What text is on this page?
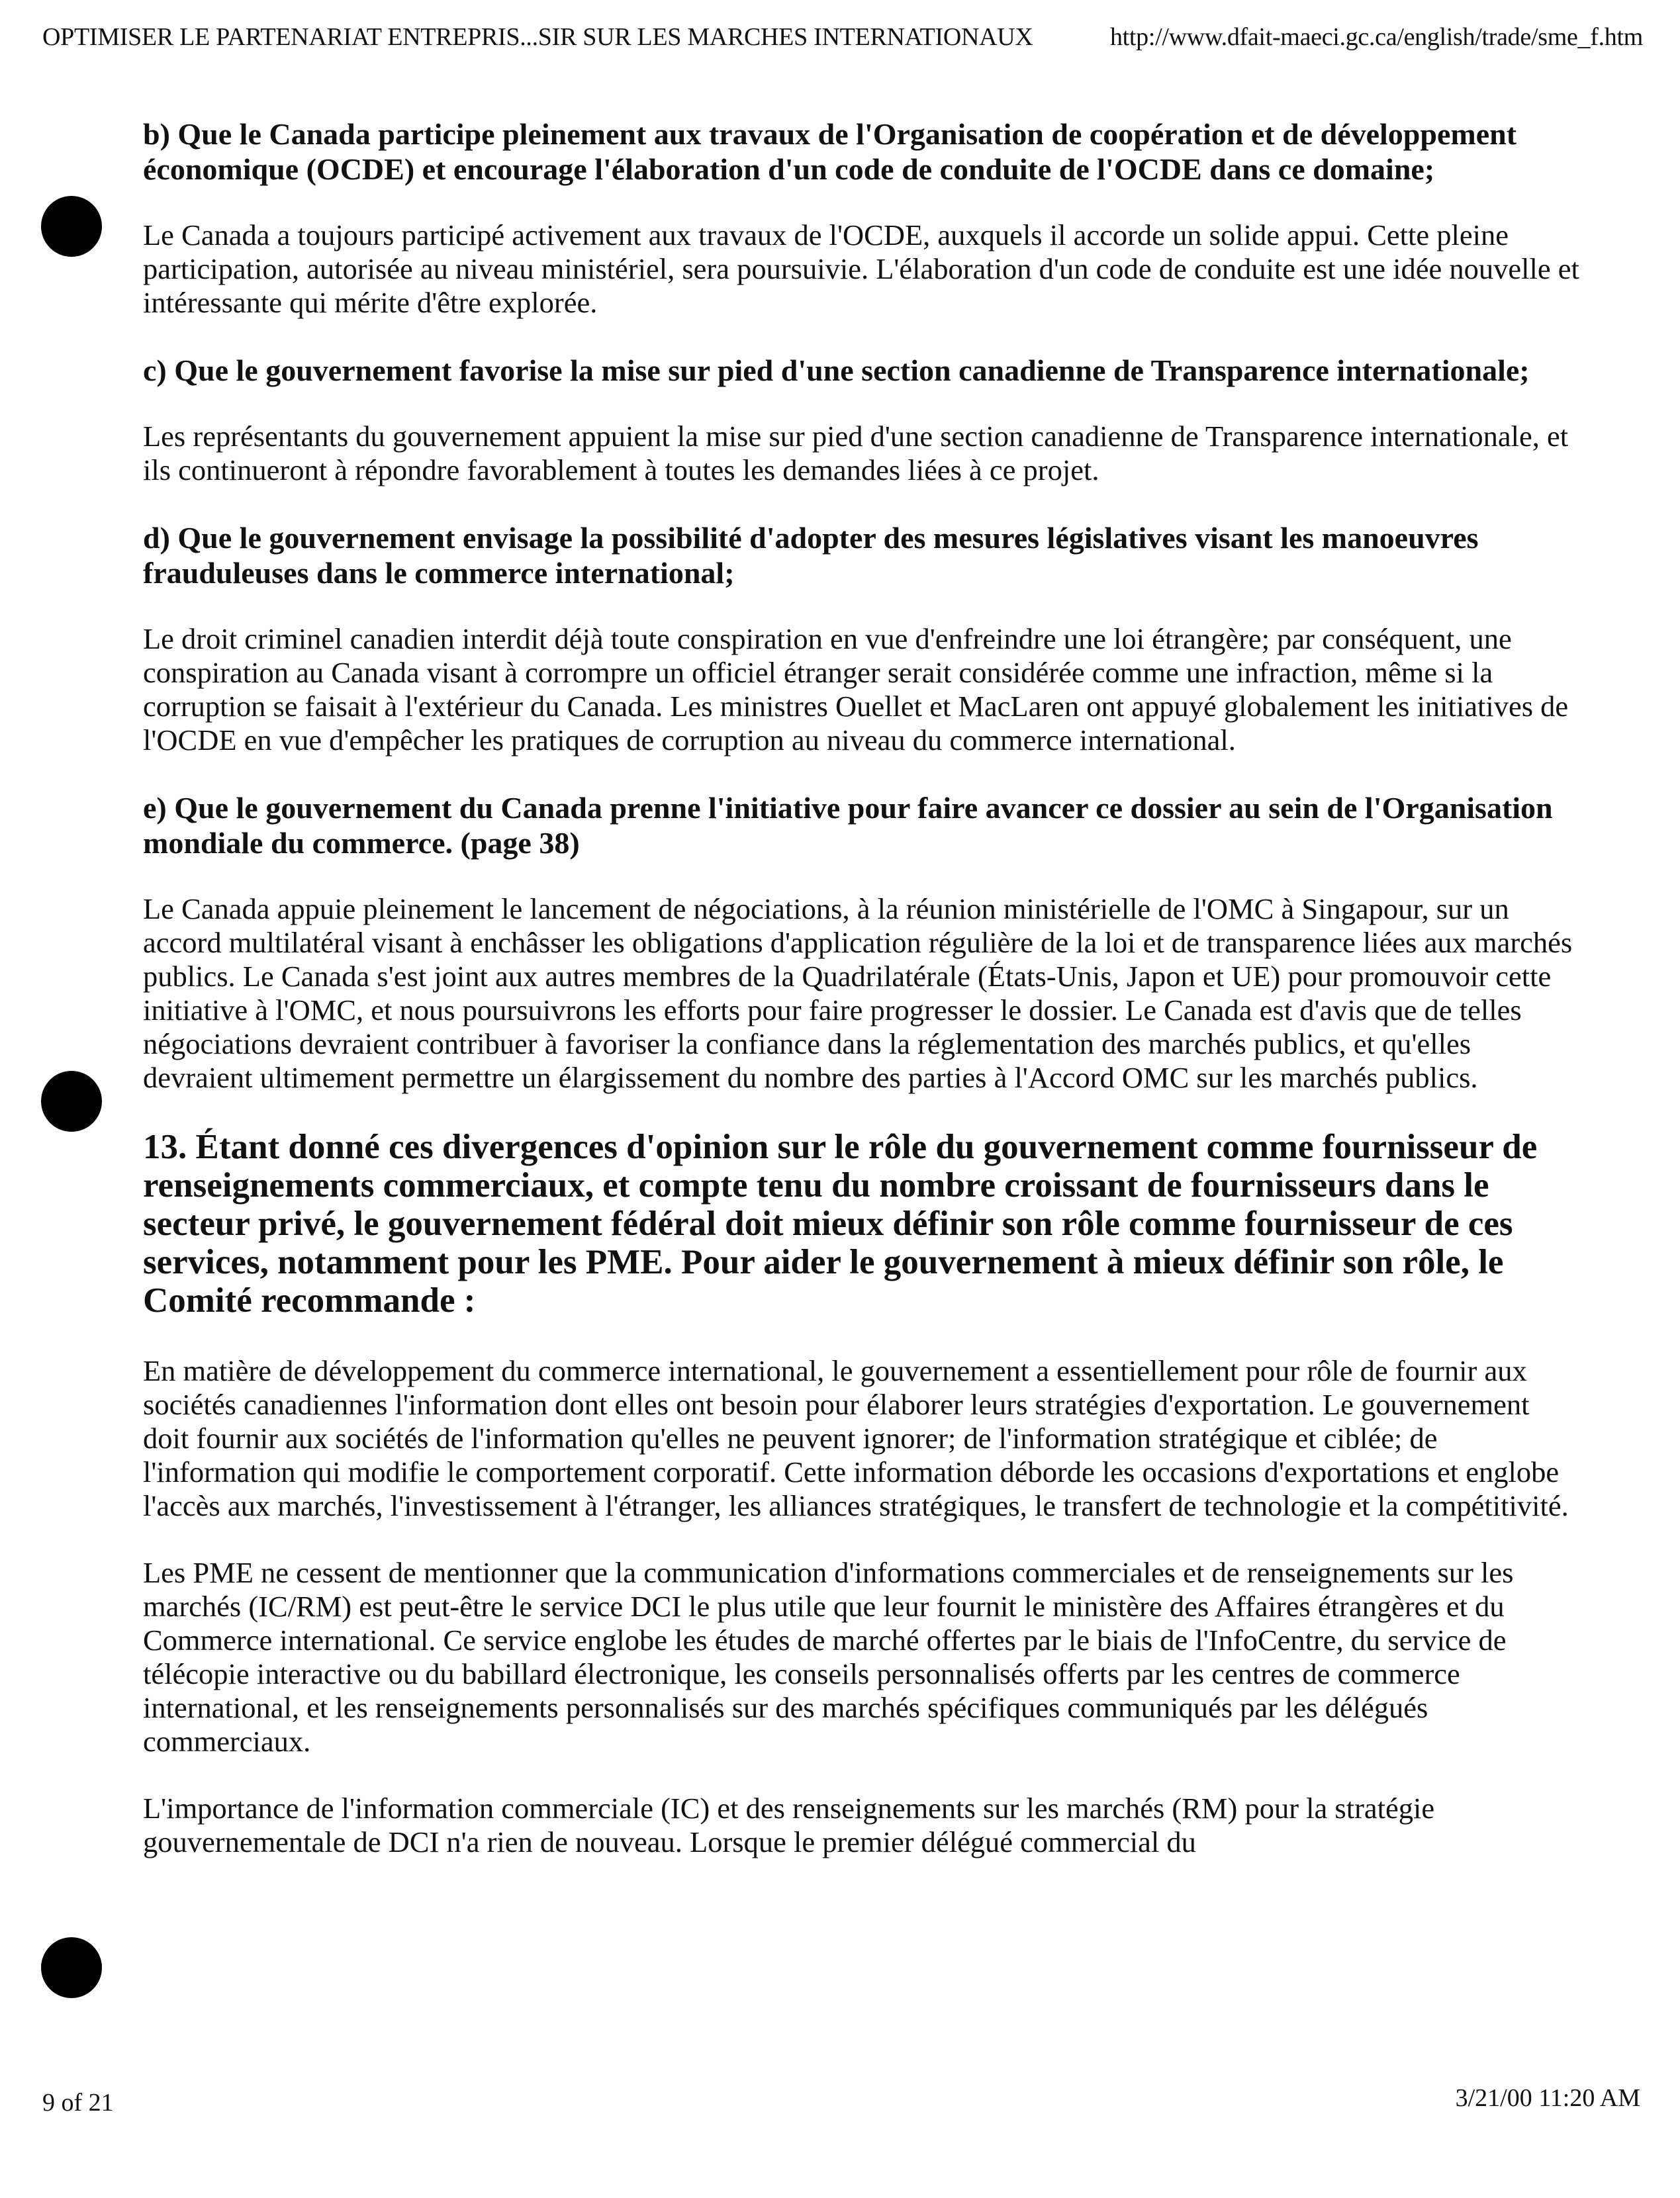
OPTIMISER LE PARTENARIAT ENTREPRIS...SIR SUR LES MARCHES INTERNATIONAUX	http://www.dfait-maeci.gc.ca/english/trade/sme_f.htm
b) Que le Canada participe pleinement aux travaux de l'Organisation de coopération et de développement économique (OCDE) et encourage l'élaboration d'un code de conduite de l'OCDE dans ce domaine;
Le Canada a toujours participé activement aux travaux de l'OCDE, auxquels il accorde un solide appui. Cette pleine participation, autorisée au niveau ministériel, sera poursuivie. L'élaboration d'un code de conduite est une idée nouvelle et intéressante qui mérite d'être explorée.
c) Que le gouvernement favorise la mise sur pied d'une section canadienne de Transparence internationale;
Les représentants du gouvernement appuient la mise sur pied d'une section canadienne de Transparence internationale, et ils continueront à répondre favorablement à toutes les demandes liées à ce projet.
d) Que le gouvernement envisage la possibilité d'adopter des mesures législatives visant les manoeuvres frauduleuses dans le commerce international;
Le droit criminel canadien interdit déjà toute conspiration en vue d'enfreindre une loi étrangère; par conséquent, une conspiration au Canada visant à corrompre un officiel étranger serait considérée comme une infraction, même si la corruption se faisait à l'extérieur du Canada. Les ministres Ouellet et MacLaren ont appuyé globalement les initiatives de l'OCDE en vue d'empêcher les pratiques de corruption au niveau du commerce international.
e) Que le gouvernement du Canada prenne l'initiative pour faire avancer ce dossier au sein de l'Organisation mondiale du commerce. (page 38)
Le Canada appuie pleinement le lancement de négociations, à la réunion ministérielle de l'OMC à Singapour, sur un accord multilatéral visant à enchâsser les obligations d'application régulière de la loi et de transparence liées aux marchés publics. Le Canada s'est joint aux autres membres de la Quadrilatérale (États-Unis, Japon et UE) pour promouvoir cette initiative à l'OMC, et nous poursuivrons les efforts pour faire progresser le dossier. Le Canada est d'avis que de telles négociations devraient contribuer à favoriser la confiance dans la réglementation des marchés publics, et qu'elles devraient ultimement permettre un élargissement du nombre des parties à l'Accord OMC sur les marchés publics.
13. Étant donné ces divergences d'opinion sur le rôle du gouvernement comme fournisseur de renseignements commerciaux, et compte tenu du nombre croissant de fournisseurs dans le secteur privé, le gouvernement fédéral doit mieux définir son rôle comme fournisseur de ces services, notamment pour les PME. Pour aider le gouvernement à mieux définir son rôle, le Comité recommande :
En matière de développement du commerce international, le gouvernement a essentiellement pour rôle de fournir aux sociétés canadiennes l'information dont elles ont besoin pour élaborer leurs stratégies d'exportation. Le gouvernement doit fournir aux sociétés de l'information qu'elles ne peuvent ignorer; de l'information stratégique et ciblée; de l'information qui modifie le comportement corporatif. Cette information déborde les occasions d'exportations et englobe l'accès aux marchés, l'investissement à l'étranger, les alliances stratégiques, le transfert de technologie et la compétitivité.
Les PME ne cessent de mentionner que la communication d'informations commerciales et de renseignements sur les marchés (IC/RM) est peut-être le service DCI le plus utile que leur fournit le ministère des Affaires étrangères et du Commerce international. Ce service englobe les études de marché offertes par le biais de l'InfoCentre, du service de télécopie interactive ou du babillard électronique, les conseils personnalisés offerts par les centres de commerce international, et les renseignements personnalisés sur des marchés spécifiques communiqués par les délégués commerciaux.
L'importance de l'information commerciale (IC) et des renseignements sur les marchés (RM) pour la stratégie gouvernementale de DCI n'a rien de nouveau. Lorsque le premier délégué commercial du
9 of 21	3/21/00 11:20 AM
